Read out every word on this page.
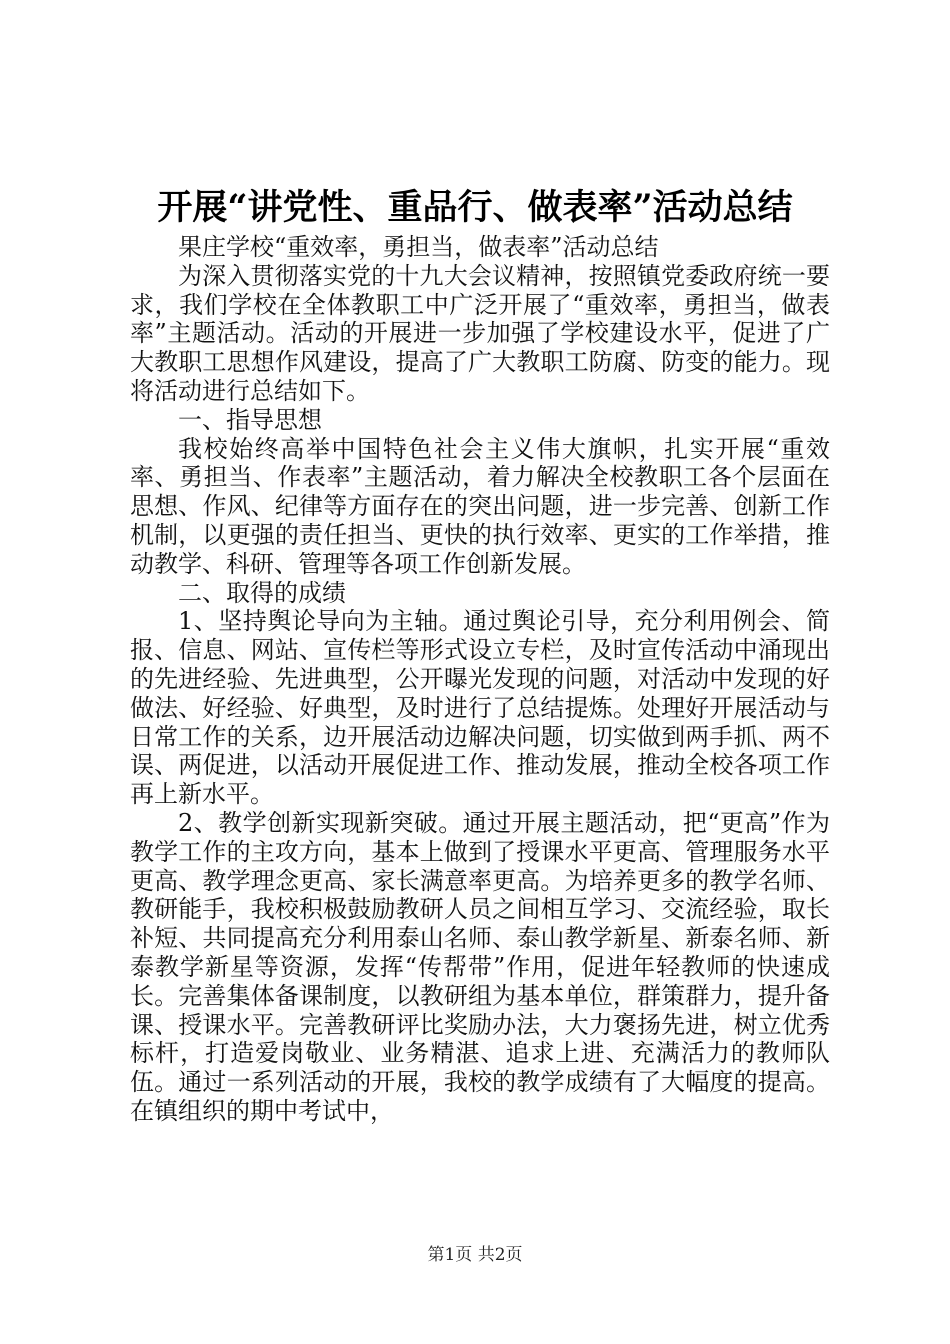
开展“讲党性、重品行、做表率”活动总结

果庄学校“重效率，勇担当，做表率”活动总结

为深入贯彻落实党的十九大会议精神，按照镇党委政府统一要求，我们学校在全体教职工中广泛开展了“重效率，勇担当，做表率”主题活动。活动的开展进一步加强了学校建设水平，促进了广大教职工思想作风建设，提高了广大教职工防腐、防变的能力。现将活动进行总结如下。

一、指导思想

我校始终高举中国特色社会主义伟大旗帜，扎实开展“重效率、勇担当、作表率”主题活动，着力解决全校教职工各个层面在思想、作风、纪律等方面存在的突出问题，进一步完善、创新工作机制，以更强的责任担当、更快的执行效率、更实的工作举措，推动教学、科研、管理等各项工作创新发展。

二、取得的成绩

1、坚持舆论导向为主轴。通过舆论引导，充分利用例会、简报、信息、网站、宣传栏等形式设立专栏，及时宣传活动中涌现出的先进经验、先进典型，公开曝光发现的问题，对活动中发现的好做法、好经验、好典型，及时进行了总结提炼。处理好开展活动与日常工作的关系，边开展活动边解决问题，切实做到两手抓、两不误、两促进，以活动开展促进工作、推动发展，推动全校各项工作再上新水平。

2、教学创新实现新突破。通过开展主题活动，把“更高”作为教学工作的主攻方向，基本上做到了授课水平更高、管理服务水平更高、教学理念更高、家长满意率更高。为培养更多的教学名师、教研能手，我校积极鼓励教研人员之间相互学习、交流经验，取长补短、共同提高充分利用泰山名师、泰山教学新星、新泰名师、新泰教学新星等资源，发挥“传帮带”作用，促进年轻教师的快速成长。完善集体备课制度，以教研组为基本单位，群策群力，提升备课、授课水平。完善教研评比奖励办法，大力褒扬先进，树立优秀标杆，打造爱岗敬业、业务精湛、追求上进、充满活力的教师队伍。通过一系列活动的开展，我校的教学成绩有了大幅度的提高。在镇组织的期中考试中，

第1页 共2页
